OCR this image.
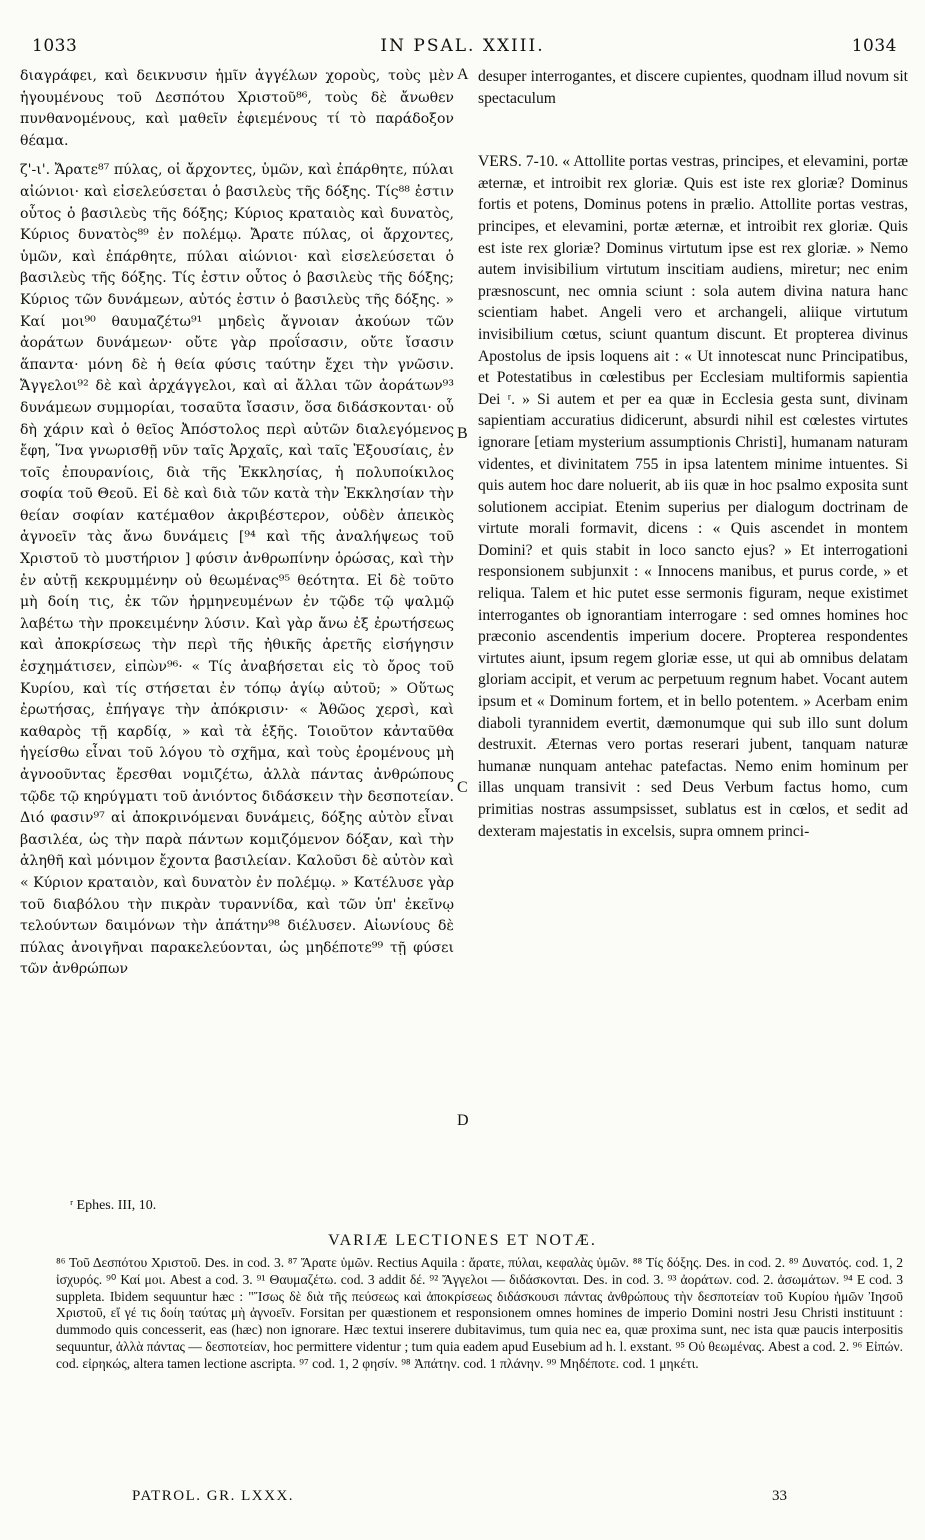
1033	IN PSAL. XXIII.	1034

διαγράφει, καὶ δεικνυσιν ἡμῖν ἀγγέλων χοροὺς, τοὺς μὲν ἡγουμένους τοῦ Δεσπότου Χριστοῦ⁸⁶, τοὺς δὲ ἄνωθεν πυνθανομένους, καὶ μαθεῖν ἐφιεμένους τί τὸ παράδοξον θέαμα.

ζ'-ι'. Ἄρατε⁸⁷ πύλας, οἱ ἄρχοντες, ὑμῶν, καὶ ἐπάρθητε, πύλαι αἰώνιοι· καὶ εἰσελεύσεται ὁ βασιλεὺς τῆς δόξης. Τίς⁸⁸ ἐστιν οὗτος ὁ βασιλεὺς τῆς δόξης; Κύριος κραταιὸς καὶ δυνατὸς, Κύριος δυνατὸς⁸⁹ ἐν πολέμῳ. Ἄρατε πύλας, οἱ ἄρχοντες, ὑμῶν, καὶ ἐπάρθητε, πύλαι αἰώνιοι· καὶ εἰσελεύσεται ὁ βασιλεὺς τῆς δόξης. Τίς ἐστιν οὗτος ὁ βασιλεὺς τῆς δόξης; Κύριος τῶν δυνάμεων, αὐτός ἐστιν ὁ βασιλεὺς τῆς δόξης. » Καί μοι⁹⁰ θαυμαζέτω⁹¹ μηδεὶς ἄγνοιαν ἀκούων τῶν ἀοράτων δυνάμεων· οὔτε γὰρ προΐσασιν, οὔτε ἴσασιν ἅπαντα· μόνη δὲ ἡ θεία φύσις ταύτην ἔχει τὴν γνῶσιν. Ἄγγελοι⁹² δὲ καὶ ἀρχάγγελοι, καὶ αἱ ἄλλαι τῶν ἀοράτων⁹³ δυνάμεων συμμορίαι, τοσαῦτα ἴσασιν, ὅσα διδάσκονται· οὗ δὴ χάριν καὶ ὁ θεῖος Ἀπόστολος περὶ αὐτῶν διαλεγόμενος ἔφη, Ἵνα γνωρισθῇ νῦν ταῖς Ἀρχαῖς, καὶ ταῖς Ἐξουσίαις, ἐν τοῖς ἐπουρανίοις, διὰ τῆς Ἐκκλησίας, ἡ πολυποίκιλος σοφία τοῦ Θεοῦ. Εἰ δὲ καὶ διὰ τῶν κατὰ τὴν Ἐκκλησίαν τὴν θείαν σοφίαν κατέμαθον ἀκριβέστερον, οὐδὲν ἀπεικὸς ἀγνοεῖν τὰς ἄνω δυνάμεις [⁹⁴ καὶ τῆς ἀναλήψεως τοῦ Χριστοῦ τὸ μυστήριον ] φύσιν ἀνθρωπίνην ὁρώσας, καὶ τὴν ἐν αὐτῇ κεκρυμμένην οὐ θεωμένας⁹⁵ θεότητα. Εἰ δὲ τοῦτο μὴ δοίη τις, ἐκ τῶν ἡρμηνευμένων ἐν τῷδε τῷ ψαλμῷ λαβέτω τὴν προκειμένην λύσιν. Καὶ γὰρ ἄνω ἐξ ἐρωτήσεως καὶ ἀποκρίσεως τὴν περὶ τῆς ἠθικῆς ἀρετῆς εἰσήγησιν ἐσχημάτισεν, εἰπὼν⁹⁶· « Τίς ἀναβήσεται εἰς τὸ ὄρος τοῦ Κυρίου, καὶ τίς στήσεται ἐν τόπῳ ἁγίῳ αὐτοῦ; » Οὕτως ἐρωτήσας, ἐπήγαγε τὴν ἀπόκρισιν· « Ἀθῶος χερσὶ, καὶ καθαρὸς τῇ καρδίᾳ, » καὶ τὰ ἑξῆς. Τοιοῦτον κἀνταῦθα ἡγείσθω εἶναι τοῦ λόγου τὸ σχῆμα, καὶ τοὺς ἐρομένους μὴ ἀγνοοῦντας ἔρεσθαι νομιζέτω, ἀλλὰ πάντας ἀνθρώπους τῷδε τῷ κηρύγματι τοῦ ἀνιόντος διδάσκειν τὴν δεσποτείαν. Διό φασιν⁹⁷ αἱ ἀποκρινόμεναι δυνάμεις, δόξης αὐτὸν εἶναι βασιλέα, ὡς τὴν παρὰ πάντων κομιζόμενον δόξαν, καὶ τὴν ἀληθῆ καὶ μόνιμον ἔχοντα βασιλείαν. Καλοῦσι δὲ αὐτὸν καὶ « Κύριον κραταιὸν, καὶ δυνατὸν ἐν πολέμῳ. » Κατέλυσε γὰρ τοῦ διαβόλου τὴν πικρὰν τυραννίδα, καὶ τῶν ὑπ' ἐκεῖνῳ τελούντων δαιμόνων τὴν ἀπάτην⁹⁸ διέλυσεν. Αἰωνίους δὲ πύλας ἀνοιγῆναι παρακελεύονται, ὡς μηδέποτε⁹⁹ τῇ φύσει τῶν ἀνθρώπων

A
B
C
D

desuper interrogantes, et discere cupientes, quodnam illud novum sit spectaculum

VERS. 7-10. « Attollite portas vestras, principes, et elevamini, portæ æternæ, et introibit rex gloriæ. Quis est iste rex gloriæ? Dominus fortis et potens, Dominus potens in prælio. Attollite portas vestras, principes, et elevamini, portæ æternæ, et introibit rex gloriæ. Quis est iste rex gloriæ? Dominus virtutum ipse est rex gloriæ. » Nemo autem invisibilium virtutum inscitiam audiens, miretur; nec enim præsnoscunt, nec omnia sciunt : sola autem divina natura hanc scientiam habet. Angeli vero et archangeli, aliique virtutum invisibilium cœtus, sciunt quantum discunt. Et propterea divinus Apostolus de ipsis loquens ait : « Ut innotescat nunc Principatibus, et Potestatibus in cœlestibus per Ecclesiam multiformis sapientia Dei ʳ. » Si autem et per ea quæ in Ecclesia gesta sunt, divinam sapientiam accuratius didicerunt, absurdi nihil est cœlestes virtutes ignorare [etiam mysterium assumptionis Christi], humanam naturam videntes, et divinitatem 755 in ipsa latentem minime intuentes. Si quis autem hoc dare noluerit, ab iis quæ in hoc psalmo exposita sunt solutionem accipiat. Etenim superius per dialogum doctrinam de virtute morali formavit, dicens : « Quis ascendet in montem Domini? et quis stabit in loco sancto ejus? » Et interrogationi responsionem subjunxit : « Innocens manibus, et purus corde, » et reliqua. Talem et hic putet esse sermonis figuram, neque existimet interrogantes ob ignorantiam interrogare : sed omnes homines hoc præconio ascendentis imperium docere. Propterea respondentes virtutes aiunt, ipsum regem gloriæ esse, ut qui ab omnibus delatam gloriam accipit, et verum ac perpetuum regnum habet. Vocant autem ipsum et « Dominum fortem, et in bello potentem. » Acerbam enim diaboli tyrannidem evertit, dæmonumque qui sub illo sunt dolum destruxit. Æternas vero portas reserari jubent, tanquam naturæ humanæ nunquam antehac patefactas. Nemo enim hominum per illas unquam transivit : sed Deus Verbum factus homo, cum primitias nostras assumpsisset, sublatus est in cœlos, et sedit ad dexteram majestatis in excelsis, supra omnem princi-

ʳ Ephes. III, 10.
VARIÆ LECTIONES ET NOTÆ.

⁸⁶ Τοῦ Δεσπότου Χριστοῦ. Des. in cod. 3. ⁸⁷ Ἄρατε ὑμῶν. Rectius Aquila : ἄρατε, πύλαι, κεφαλὰς ὑμῶν. ⁸⁸ Τίς δόξης. Des. in cod. 2. ⁸⁹ Δυνατός. cod. 1, 2 ἰσχυρός. ⁹⁰ Καί μοι. Abest a cod. 3. ⁹¹ Θαυμαζέτω. cod. 3 addit δέ. ⁹² Ἄγγελοι — διδάσκονται. Des. in cod. 3. ⁹³ ἀοράτων. cod. 2. ἀσωμάτων. ⁹⁴ E cod. 3 suppleta. Ibidem sequuntur hæc : "Ἴσως δὲ διὰ τῆς πεύσεως καὶ ἀποκρίσεως διδάσκουσι πάντας ἀνθρώπους τὴν δεσποτείαν τοῦ Κυρίου ἡμῶν Ἰησοῦ Χριστοῦ, εἴ γέ τις δοίη ταύτας μὴ ἀγνοεῖν. Forsitan per quæstionem et responsionem omnes homines de imperio Domini nostri Jesu Christi instituunt : dummodo quis concesserit, eas (hæc) non ignorare. Hæc textui inserere dubitavimus, tum quia nec ea, quæ proxima sunt, nec ista quæ paucis interpositis sequuntur, ἀλλὰ πάντας — δεσποτείαν, hoc permittere videntur ; tum quia eadem apud Eusebium ad h. l. exstant. ⁹⁵ Οὐ θεωμένας. Abest a cod. 2. ⁹⁶ Εἰπών. cod. εἰρηκώς, altera tamen lectione ascripta. ⁹⁷ cod. 1, 2 φησίν. ⁹⁸ Ἀπάτην. cod. 1 πλάνην. ⁹⁹ Μηδέποτε. cod. 1 μηκέτι.

PATROL. GR. LXXX.	33
